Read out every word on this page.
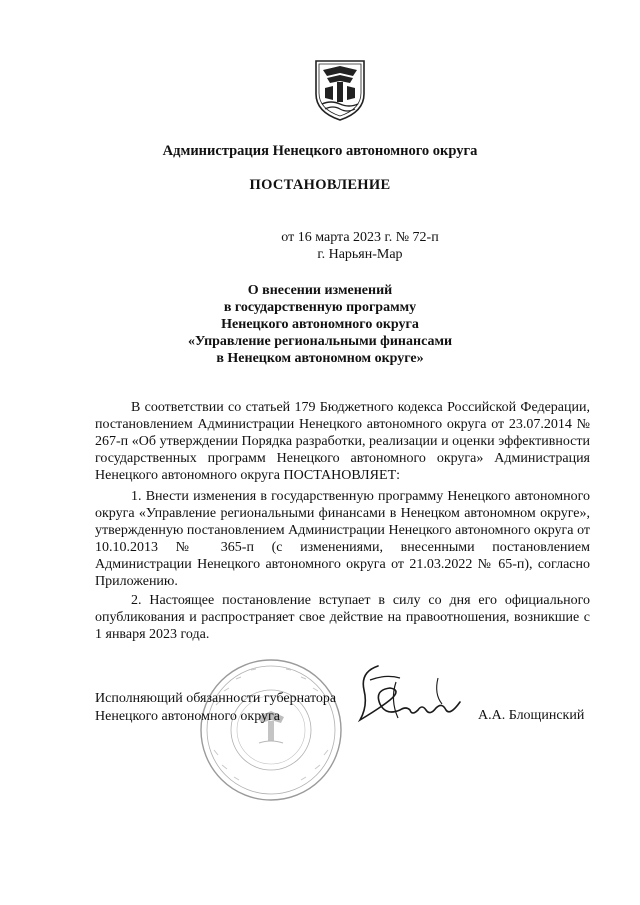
Администрация Ненецкого автономного округа
ПОСТАНОВЛЕНИЕ
от 16 марта 2023 г. № 72-п
г. Нарьян-Мар
О внесении изменений
в государственную программу
Ненецкого автономного округа
«Управление региональными финансами
в Ненецком автономном округе»

В соответствии со статьей 179 Бюджетного кодекса Российской Федерации, постановлением Администрации Ненецкого автономного округа от 23.07.2014 № 267-п «Об утверждении Порядка разработки, реализации и оценки эффективности государственных программ Ненецкого автономного округа» Администрация Ненецкого автономного округа ПОСТАНОВЛЯЕТ:

1. Внести изменения в государственную программу Ненецкого автономного округа «Управление региональными финансами в Ненецком автономном округе», утвержденную постановлением Администрации Ненецкого автономного округа от 10.10.2013 № 365-п (с изменениями, внесенными постановлением Администрации Ненецкого автономного округа от 21.03.2022 № 65-п), согласно Приложению.

2. Настоящее постановление вступает в силу со дня его официального опубликования и распространяет свое действие на правоотношения, возникшие с 1 января 2023 года.

Исполняющий обязанности губернатора
Ненецкого автономного округа	А.А. Блощинский
